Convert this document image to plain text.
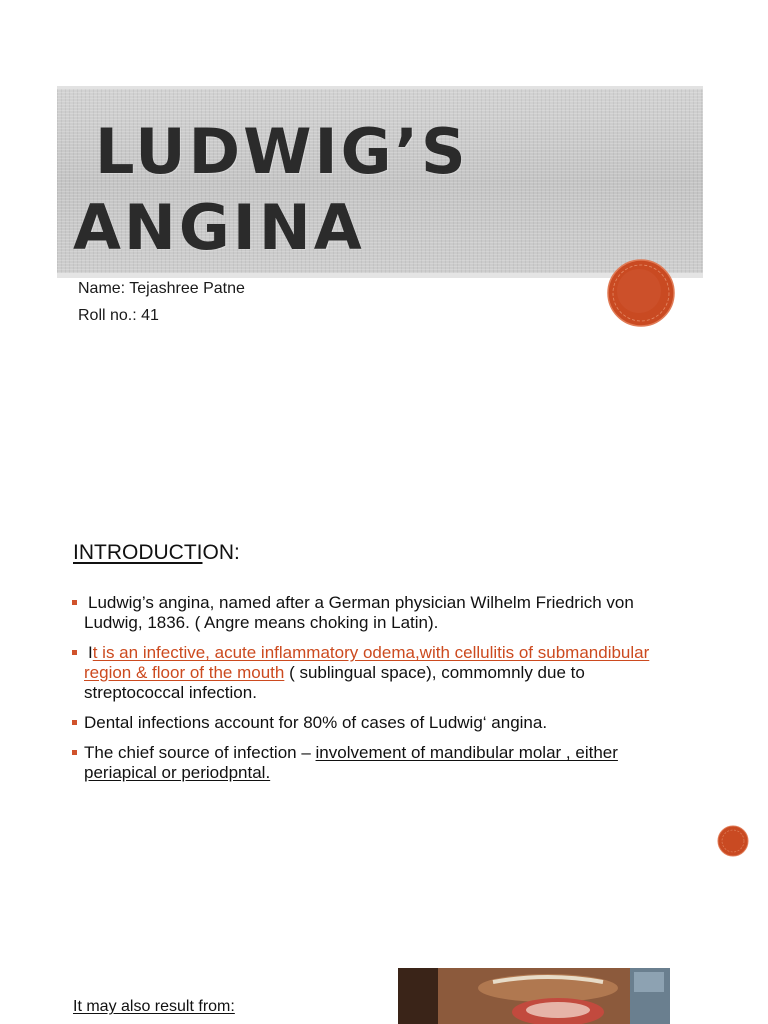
LUDWIG’S
ANGINA
Name: Tejashree Patne
Roll no.: 41
INTRODUCTION:
Ludwig’s angina, named after a German physician Wilhelm Friedrich von Ludwig, 1836. ( Angre means choking in Latin).
It is an infective, acute inflammatory odema,with cellulitis of submandibular region & floor of the mouth ( sublingual space), commomnly due to streptococcal infection.
Dental infections account for 80% of cases of Ludwig‘ angina.
The chief source of infection – involvement of mandibular molar , either periapical or periodpntal.
It may also result from:
